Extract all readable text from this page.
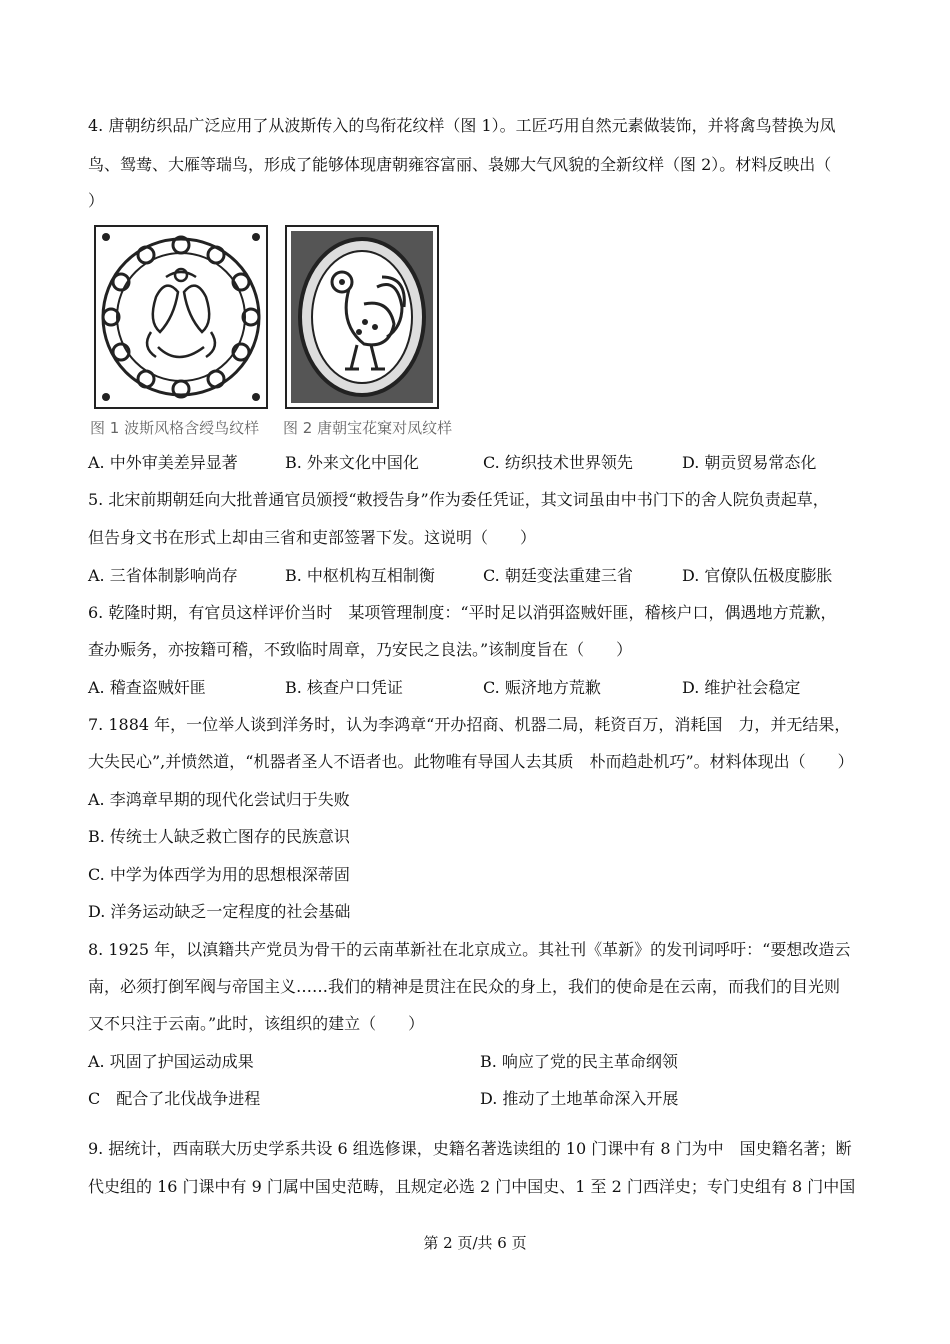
4. 唐朝纺织品广泛应用了从波斯传入的鸟衔花纹样（图 1）。工匠巧用自然元素做装饰，并将禽鸟替换为凤
鸟、鸳鸯、大雁等瑞鸟，形成了能够体现唐朝雍容富丽、袅娜大气风貌的全新纹样（图 2）。材料反映出（
）
图 1 波斯风格含绶鸟纹样 图 2 唐朝宝花窠对凤纹样
A. 中外审美差异显著	B. 外来文化中国化	C. 纺织技术世界领先	D. 朝贡贸易常态化
5. 北宋前期朝廷向大批普通官员颁授“敕授告身”作为委任凭证，其文词虽由中书门下的舍人院负责起草，
但告身文书在形式上却由三省和吏部签署下发。这说明（　　）
A. 三省体制影响尚存	B. 中枢机构互相制衡	C. 朝廷变法重建三省	D. 官僚队伍极度膨胀
6. 乾隆时期，有官员这样评价当时　某项管理制度：“平时足以消弭盗贼奸匪，稽核户口，偶遇地方荒歉，
查办赈务，亦按籍可稽，不致临时周章，乃安民之良法。”该制度旨在（　　）
A. 稽查盗贼奸匪	B. 核查户口凭证	C. 赈济地方荒歉	D. 维护社会稳定
7. 1884 年，一位举人谈到洋务时，认为李鸿章“开办招商、机器二局，耗资百万，消耗国　力，并无结果，
大失民心”,并愤然道，“机器者圣人不语者也。此物唯有导国人去其质　朴而趋赴机巧”。材料体现出（　　）
A. 李鸿章早期的现代化尝试归于失败
B. 传统士人缺乏救亡图存的民族意识
C. 中学为体西学为用的思想根深蒂固
D. 洋务运动缺乏一定程度的社会基础
8. 1925 年，以滇籍共产党员为骨干的云南革新社在北京成立。其社刊《革新》的发刊词呼吁：“要想改造云
南，必须打倒军阀与帝国主义……我们的精神是贯注在民众的身上，我们的使命是在云南，而我们的目光则
又不只注于云南。”此时，该组织的建立（　　）
A. 巩固了护国运动成果	B. 响应了党的民主革命纲领
C　配合了北伐战争进程	D. 推动了土地革命深入开展
9. 据统计，西南联大历史学系共设 6 组选修课，史籍名著选读组的 10 门课中有 8 门为中　国史籍名著；断
代史组的 16 门课中有 9 门属中国史范畴，且规定必选 2 门中国史、1 至 2 门西洋史；专门史组有 8 门中国
第 2 页/共 6 页
